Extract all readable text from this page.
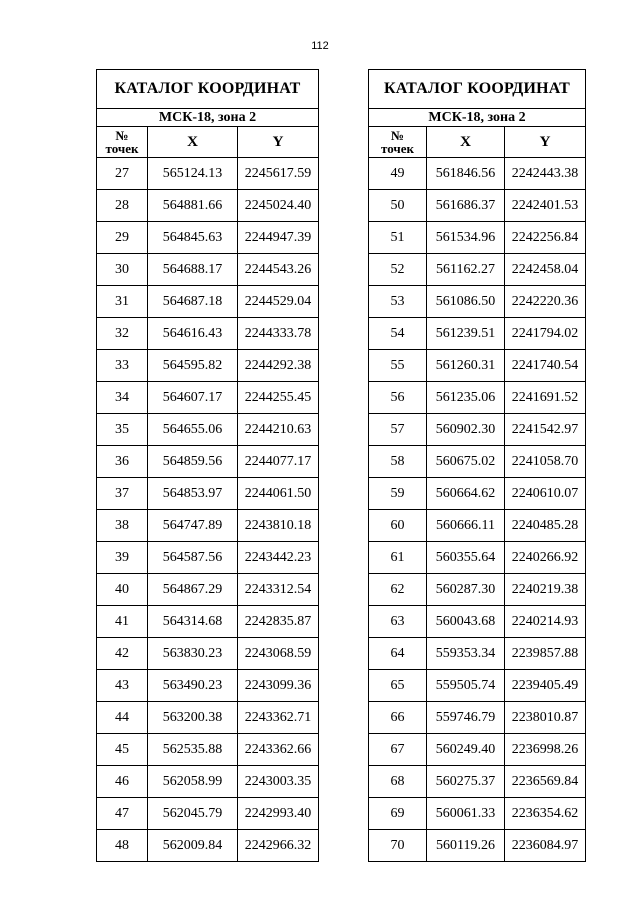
112
КАТАЛОГ КООРДИНАТ		
МСК-18, зона 2		
№
точек	X	Y
27	565124.13	2245617.59
28	564881.66	2245024.40
29	564845.63	2244947.39
30	564688.17	2244543.26
31	564687.18	2244529.04
32	564616.43	2244333.78
33	564595.82	2244292.38
34	564607.17	2244255.45
35	564655.06	2244210.63
36	564859.56	2244077.17
37	564853.97	2244061.50
38	564747.89	2243810.18
39	564587.56	2243442.23
40	564867.29	2243312.54
41	564314.68	2242835.87
42	563830.23	2243068.59
43	563490.23	2243099.36
44	563200.38	2243362.71
45	562535.88	2243362.66
46	562058.99	2243003.35
47	562045.79	2242993.40
48	562009.84	2242966.32
КАТАЛОГ КООРДИНАТ		
МСК-18, зона 2		
№
точек	X	Y
49	561846.56	2242443.38
50	561686.37	2242401.53
51	561534.96	2242256.84
52	561162.27	2242458.04
53	561086.50	2242220.36
54	561239.51	2241794.02
55	561260.31	2241740.54
56	561235.06	2241691.52
57	560902.30	2241542.97
58	560675.02	2241058.70
59	560664.62	2240610.07
60	560666.11	2240485.28
61	560355.64	2240266.92
62	560287.30	2240219.38
63	560043.68	2240214.93
64	559353.34	2239857.88
65	559505.74	2239405.49
66	559746.79	2238010.87
67	560249.40	2236998.26
68	560275.37	2236569.84
69	560061.33	2236354.62
70	560119.26	2236084.97
